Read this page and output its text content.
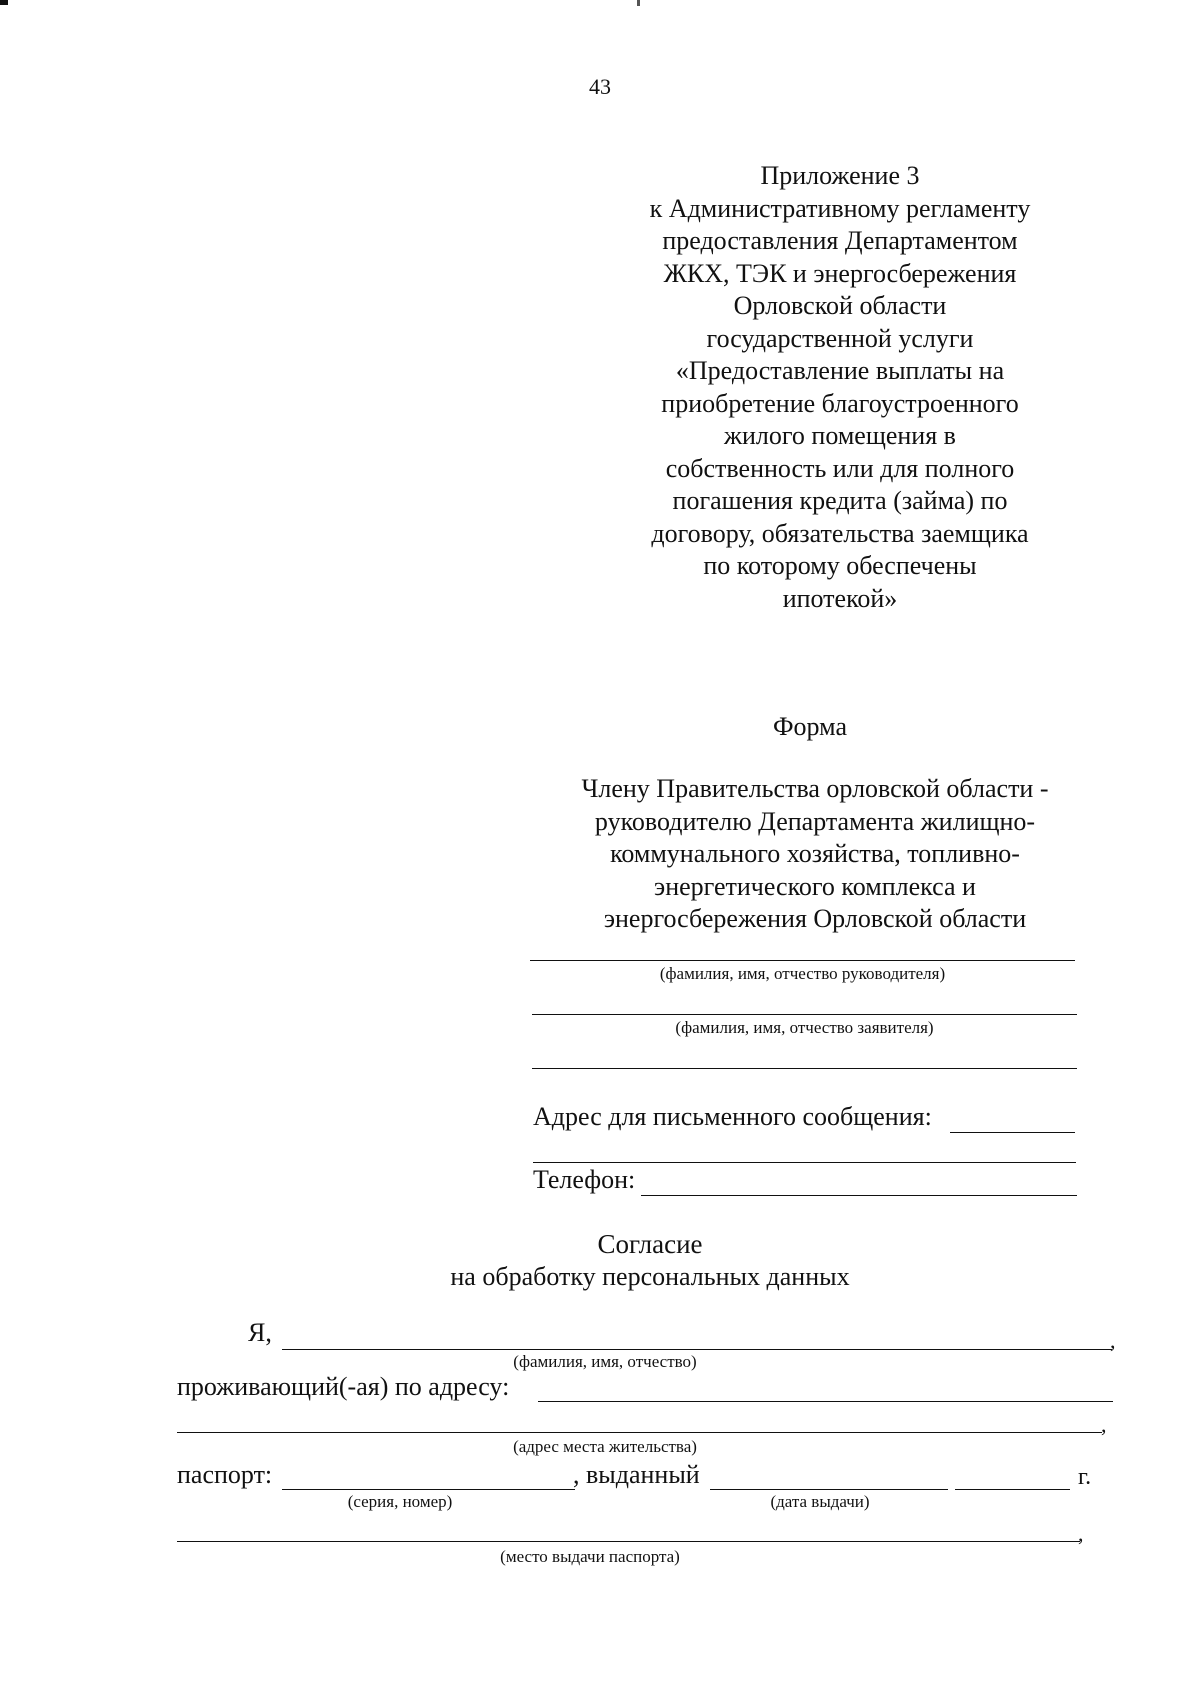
43
Приложение 3
к Административному регламенту
предоставления Департаментом
ЖКХ, ТЭК и энергосбережения
Орловской области
государственной услуги
«Предоставление выплаты на
приобретение благоустроенного
жилого помещения в
собственность или для полного
погашения кредита (займа) по
договору, обязательства заемщика
по которому обеспечены
ипотекой»
Форма
Члену Правительства орловской области -
руководителю Департамента жилищно-
коммунального хозяйства, топливно-
энергетического комплекса и
энергосбережения Орловской области
(фамилия, имя, отчество руководителя)
(фамилия, имя, отчество заявителя)
Адрес для письменного сообщения:
Телефон:
Согласие
на обработку персональных данных
Я,	,
(фамилия, имя, отчество)
проживающий(-ая) по адресу:
,
(адрес места жительства)
паспорт:	, выданный	г.
(серия, номер)	(дата выдачи)
,
(место выдачи паспорта)
